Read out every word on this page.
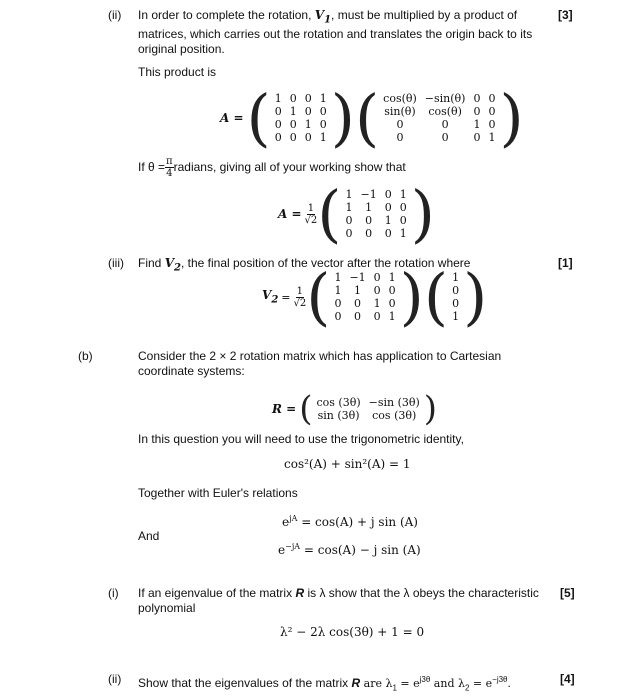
(ii) In order to complete the rotation, $V_1$, must be multiplied by a product of
matrices, which carries out the rotation and translates the origin back to its
original position.
[3]
This product is
A = ( 1	0	0	1
0	1	0	0
0	0	1	0
0	0	0	1 ) ( cos(θ)	−sin(θ)	0	0
sin(θ)	cos(θ)	0	0
0	0	1	0
0	0	0	1 )
If $\theta = \frac{\pi}{4}$ radians, giving all of your working show that
$A = \frac{1}{√2}$ ( 1	−1	0	1
1	1	0	0
0	0	1	0
0	0	0	1 )
(iii) Find $V_2$, the final position of the vector after the rotation where	[1]
$V_2 = \frac{1}{√2}$ ( 1	−1	0	1
1	1	0	0
0	0	1	0
0	0	0	1 ) ( 1
0
0
1 )
(b)	Consider the 2 × 2 rotation matrix which has application to Cartesian
coordinate systems:
R = ( cos (3θ)	−sin (3θ)
sin (3θ)	cos (3θ) )
In this question you will need to use the trigonometric identity,
cos²(A) + sin²(A) = 1
Together with Euler's relations
$e^{jA} = \cos(A) + j$ sin (A)
And
$e^{-jA} = \cos(A) - j$ sin (A)
(i) If an eigenvalue of the matrix R is λ show that the λ obeys the characteristic
polynomial
[5]
λ² − 2λ cos(3θ) + 1 = 0
(ii) Show that the eigenvalues of the matrix R are $\lambda_1 = e^{j3\theta}$ and $\lambda_2 = e^{-j3\theta}$.	[4]
